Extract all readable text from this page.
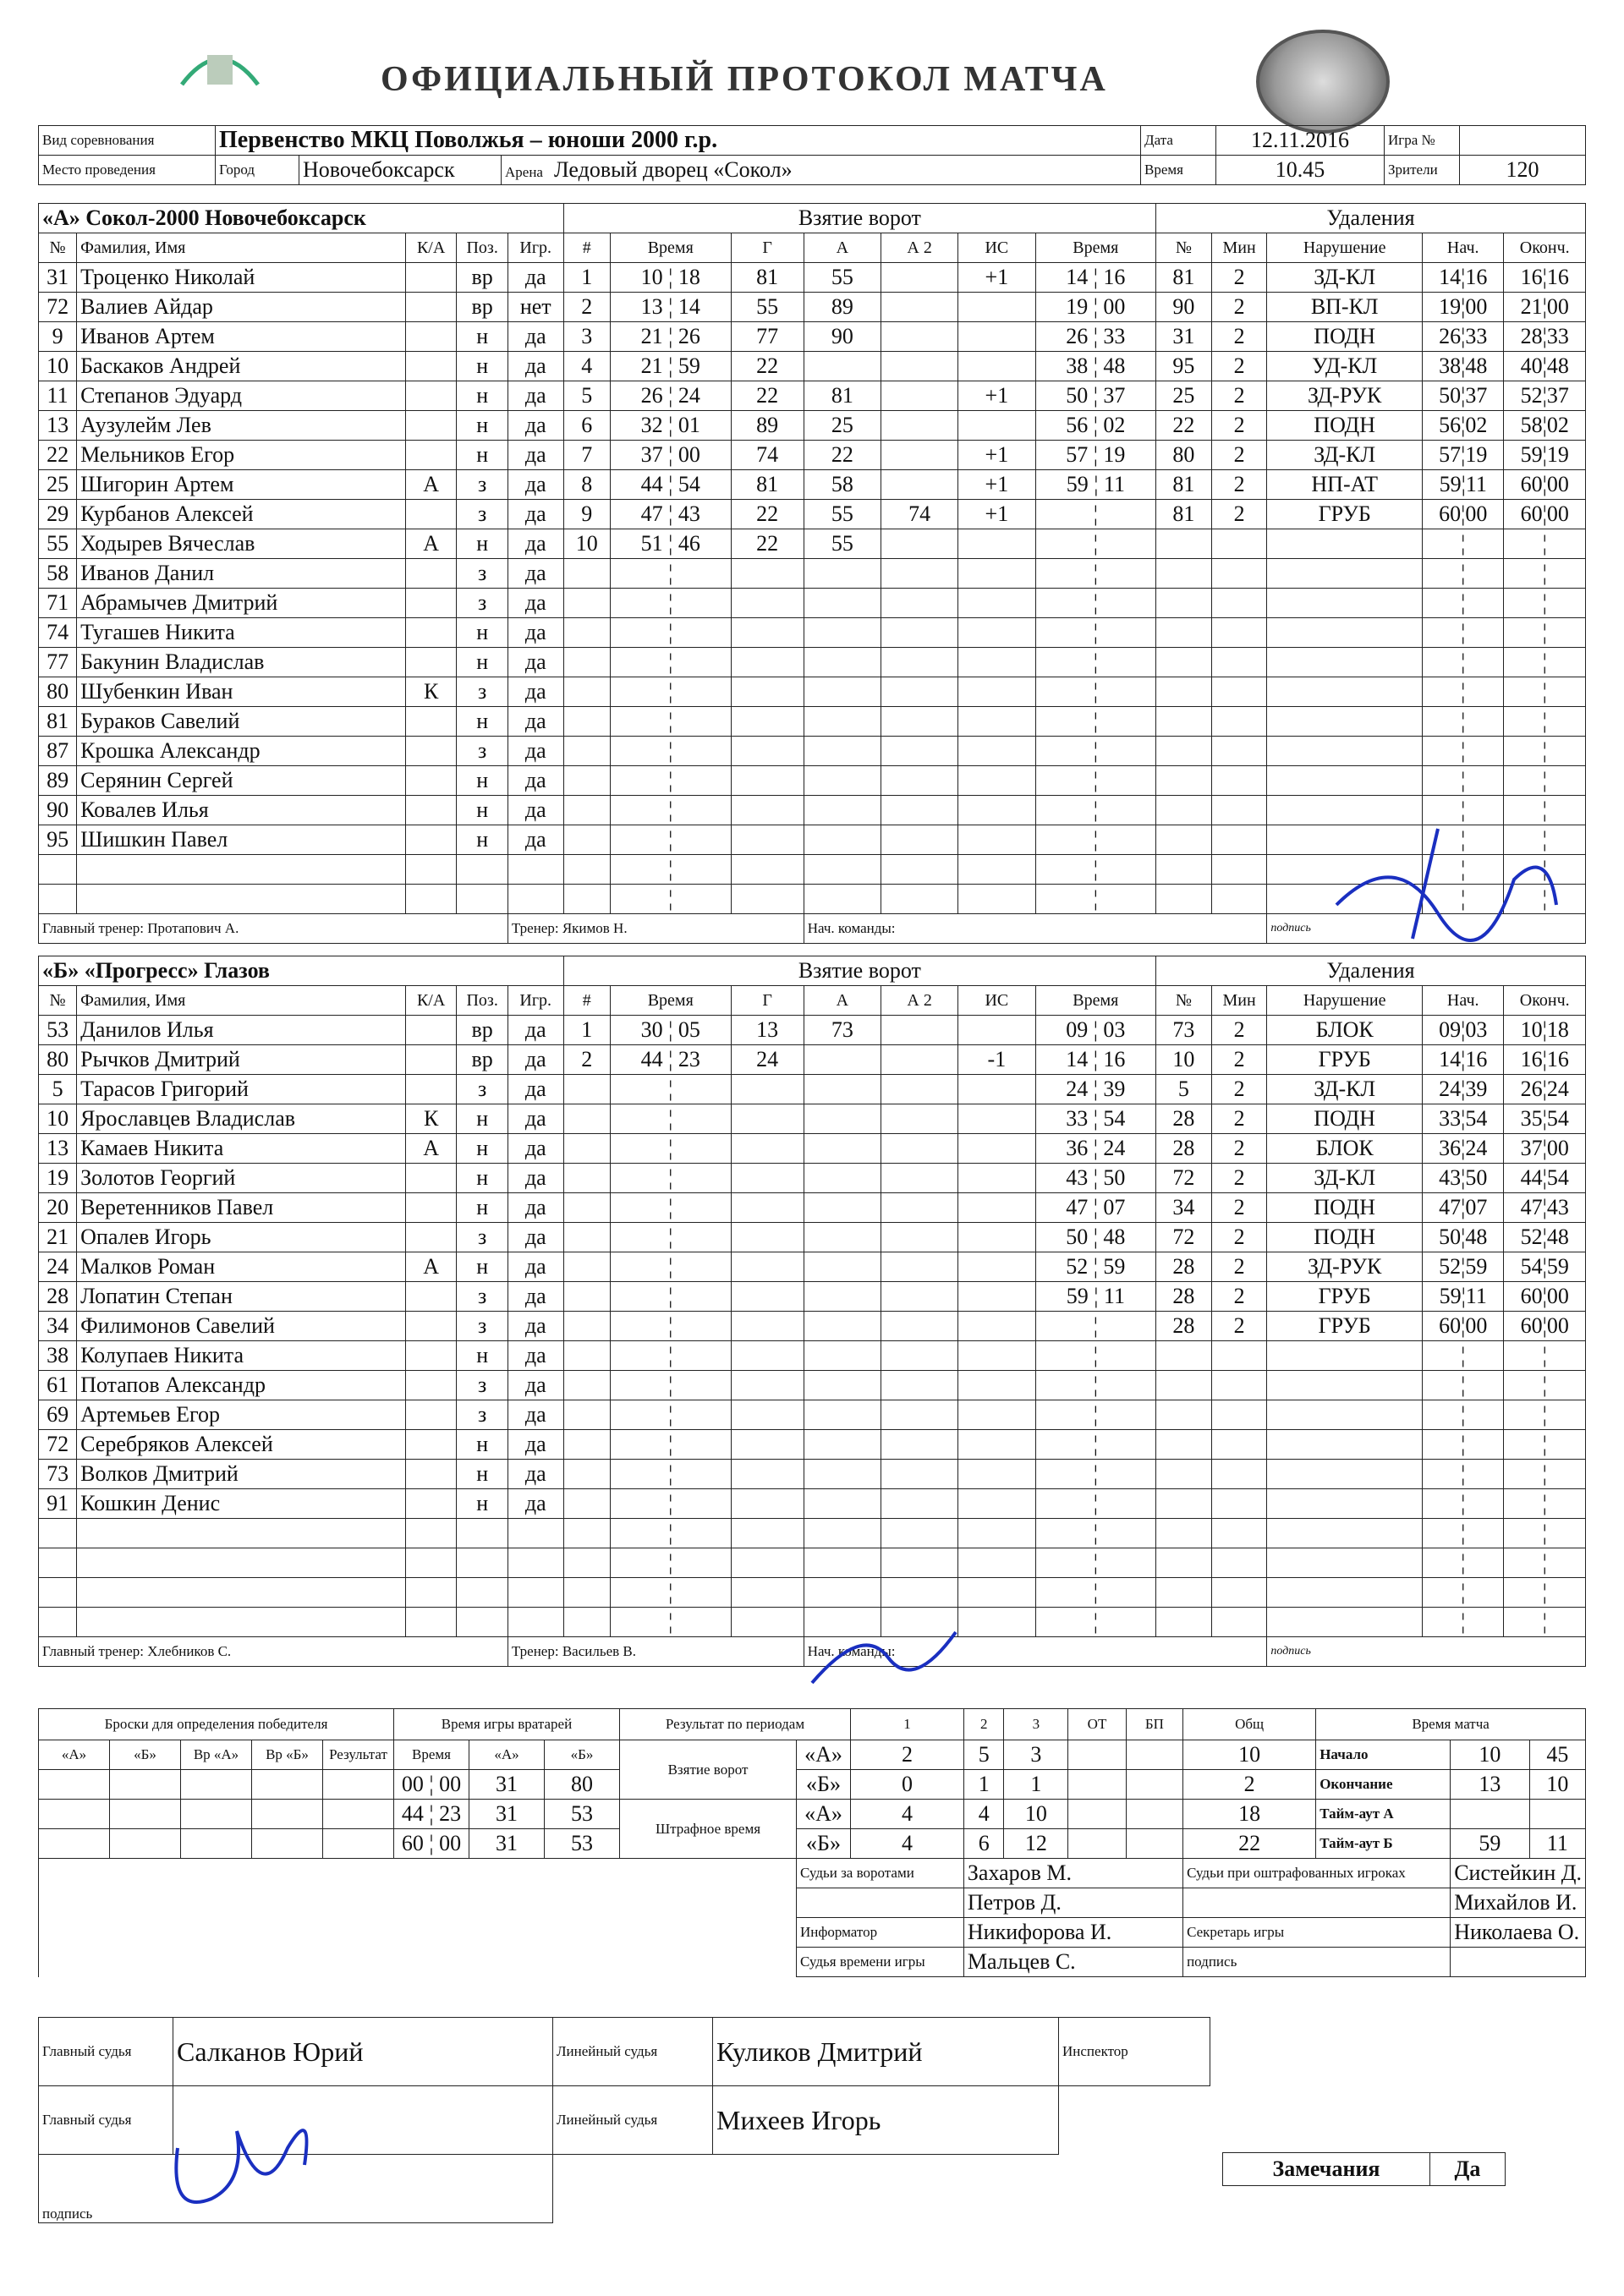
ОФИЦИАЛЬНЫЙ ПРОТОКОЛ МАТЧА
Вид соревнования	Первенство МКЦ Поволжья – юноши 2000 г.р.			Дата	12.11.2016	Игра №	
Место проведения	Город	Новочебоксарск	Арена Ледовый дворец «Сокол»	Время	10.45	Зрители	120
«А» Сокол-2000 Новочебоксарск					Взятие ворот							Удаления				
№	Фамилия, Имя	К/А	Поз.	Игр.	#	Время	Г	А	А 2	ИС	Время	№	Мин	Нарушение	Нач.	Оконч.
31	Троценко Николай		вр	да	1	10 ¦ 18	81	55		+1	14 ¦ 16	81	2	ЗД-КЛ	14¦16	16¦16
72	Валиев Айдар		вр	нет	2	13 ¦ 14	55	89			19 ¦ 00	90	2	ВП-КЛ	19¦00	21¦00
9	Иванов Артем		н	да	3	21 ¦ 26	77	90			26 ¦ 33	31	2	ПОДН	26¦33	28¦33
10	Баскаков Андрей		н	да	4	21 ¦ 59	22				38 ¦ 48	95	2	УД-КЛ	38¦48	40¦48
11	Степанов Эдуард		н	да	5	26 ¦ 24	22	81		+1	50 ¦ 37	25	2	ЗД-РУК	50¦37	52¦37
13	Аузулейм Лев		н	да	6	32 ¦ 01	89	25			56 ¦ 02	22	2	ПОДН	56¦02	58¦02
22	Мельников Егор		н	да	7	37 ¦ 00	74	22		+1	57 ¦ 19	80	2	ЗД-КЛ	57¦19	59¦19
25	Шигорин Артем	А	з	да	8	44 ¦ 54	81	58		+1	59 ¦ 11	81	2	НП-АТ	59¦11	60¦00
29	Курбанов Алексей		з	да	9	47 ¦ 43	22	55	74	+1	¦	81	2	ГРУБ	60¦00	60¦00
55	Ходырев Вячеслав	А	н	да	10	51 ¦ 46	22	55			¦				¦	¦
58	Иванов Данил		з	да		¦					¦				¦	¦
71	Абрамычев Дмитрий		з	да		¦					¦				¦	¦
74	Тугашев Никита		н	да		¦					¦				¦	¦
77	Бакунин Владислав		н	да		¦					¦				¦	¦
80	Шубенкин Иван	К	з	да		¦					¦				¦	¦
81	Бураков Савелий		н	да		¦					¦				¦	¦
87	Крошка Александр		з	да		¦					¦				¦	¦
89	Серянин Сергей		н	да		¦					¦				¦	¦
90	Ковалев Илья		н	да		¦					¦				¦	¦
95	Шишкин Павел		н	да		¦					¦				¦	¦
						¦					¦				¦	¦
						¦					¦				¦	¦
Главный тренер: Протапович А.				Тренер: Якимов Н.				Нач. команды:						подпись		
«Б» «Прогресс» Глазов					Взятие ворот							Удаления				
№	Фамилия, Имя	К/А	Поз.	Игр.	#	Время	Г	А	А 2	ИС	Время	№	Мин	Нарушение	Нач.	Оконч.
53	Данилов Илья		вр	да	1	30 ¦ 05	13	73			09 ¦ 03	73	2	БЛОК	09¦03	10¦18
80	Рычков Дмитрий		вр	да	2	44 ¦ 23	24			-1	14 ¦ 16	10	2	ГРУБ	14¦16	16¦16
5	Тарасов Григорий		з	да		¦					24 ¦ 39	5	2	ЗД-КЛ	24¦39	26¦24
10	Ярославцев Владислав	К	н	да		¦					33 ¦ 54	28	2	ПОДН	33¦54	35¦54
13	Камаев Никита	А	н	да		¦					36 ¦ 24	28	2	БЛОК	36¦24	37¦00
19	Золотов Георгий		н	да		¦					43 ¦ 50	72	2	ЗД-КЛ	43¦50	44¦54
20	Веретенников Павел		н	да		¦					47 ¦ 07	34	2	ПОДН	47¦07	47¦43
21	Опалев Игорь		з	да		¦					50 ¦ 48	72	2	ПОДН	50¦48	52¦48
24	Малков Роман	А	н	да		¦					52 ¦ 59	28	2	ЗД-РУК	52¦59	54¦59
28	Лопатин Степан		з	да		¦					59 ¦ 11	28	2	ГРУБ	59¦11	60¦00
34	Филимонов Савелий		з	да		¦					¦	28	2	ГРУБ	60¦00	60¦00
38	Колупаев Никита		н	да		¦					¦				¦	¦
61	Потапов Александр		з	да		¦					¦				¦	¦
69	Артемьев Егор		з	да		¦					¦				¦	¦
72	Серебряков Алексей		н	да		¦					¦				¦	¦
73	Волков Дмитрий		н	да		¦					¦				¦	¦
91	Кошкин Денис		н	да		¦					¦				¦	¦
						¦					¦				¦	¦
						¦					¦				¦	¦
						¦					¦				¦	¦
						¦					¦				¦	¦
Главный тренер: Хлебников С.				Тренер: Васильев В.				Нач. команды:						подпись		
Броски для определения победителя					Время игры вратарей			Результат по периодам		1	2	3	ОТ	БП	Общ	Время матча		
«А»	«Б»	Вр «А»	Вр «Б»	Результат	Время	«А»	«Б»	Взятие ворот	«А»	2	5	3			10	Начало	10	45
					00 ¦ 00	31	80		«Б»	0	1	1			2	Окончание	13	10
					44 ¦ 23	31	53	Штрафное время	«А»	4	4	10			18	Тайм-аут А		
					60 ¦ 00	31	53		«Б»	4	6	12			22	Тайм-аут Б	59	11
									Судьи за воротами		Захаров М.				Судьи при оштрафованных игроках		Систейкин Д.	
											Петров Д.						Михайлов И.	
									Информатор		Никифорова И.				Секретарь игры		Николаева О.	
									Судья времени игры		Мальцев С.				подпись			
Главный судья	Салканов Юрий	Линейный судья	Куликов Дмитрий	Инспектор	
Главный судья		Линейный судья	Михеев Игорь		
подпись					
Замечания	Да
